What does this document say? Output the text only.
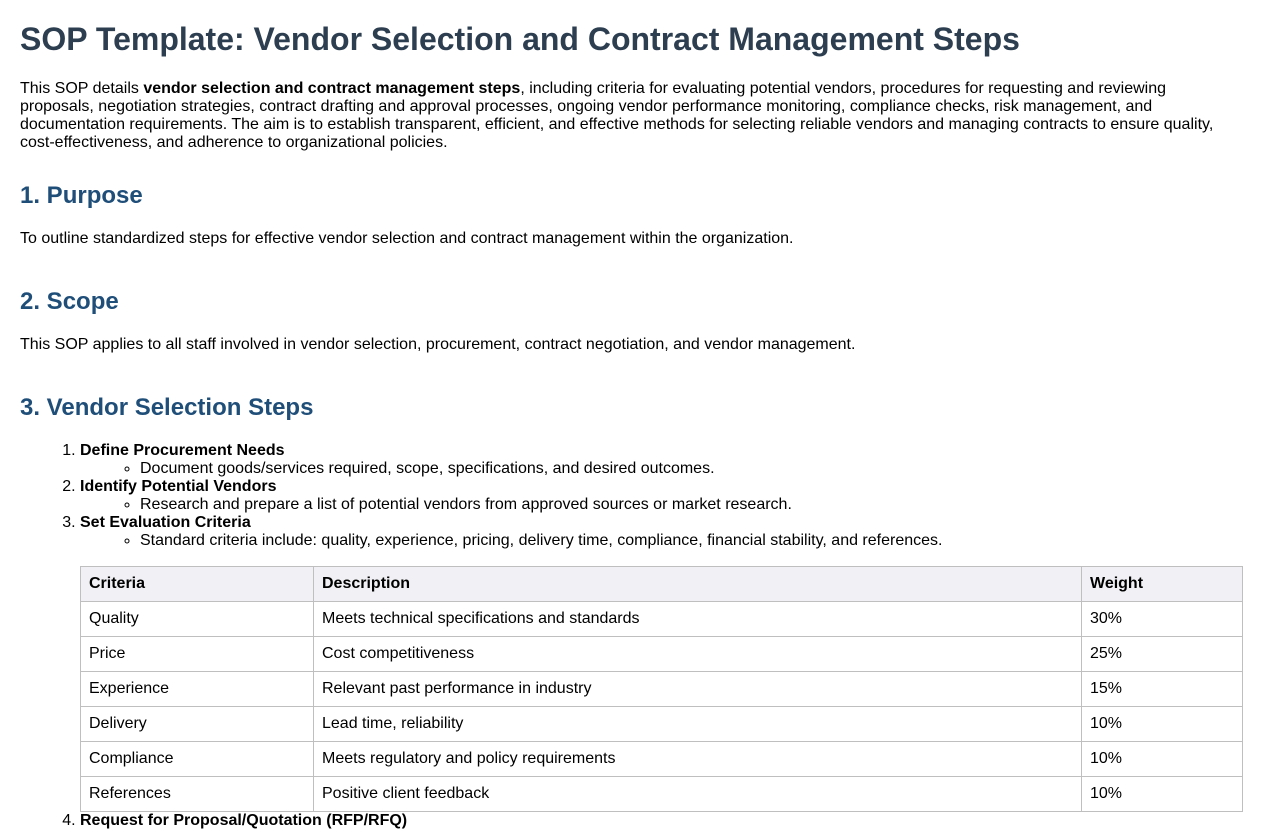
SOP Template: Vendor Selection and Contract Management Steps

This SOP details vendor selection and contract management steps, including criteria for evaluating potential vendors, procedures for requesting and reviewing proposals, negotiation strategies, contract drafting and approval processes, ongoing vendor performance monitoring, compliance checks, risk management, and documentation requirements. The aim is to establish transparent, efficient, and effective methods for selecting reliable vendors and managing contracts to ensure quality, cost-effectiveness, and adherence to organizational policies.

1. Purpose

To outline standardized steps for effective vendor selection and contract management within the organization.

2. Scope

This SOP applies to all staff involved in vendor selection, procurement, contract negotiation, and vendor management.

3. Vendor Selection Steps
1. Define Procurement Needs
◦ Document goods/services required, scope, specifications, and desired outcomes.
2. Identify Potential Vendors
◦ Research and prepare a list of potential vendors from approved sources or market research.
3. Set Evaluation Criteria
◦ Standard criteria include: quality, experience, pricing, delivery time, compliance, financial stability, and references.
Criteria	Description	Weight
Quality	Meets technical specifications and standards	30%
Price	Cost competitiveness	25%
Experience	Relevant past performance in industry	15%
Delivery	Lead time, reliability	10%
Compliance	Meets regulatory and policy requirements	10%
References	Positive client feedback	10%
4. Request for Proposal/Quotation (RFP/RFQ)
